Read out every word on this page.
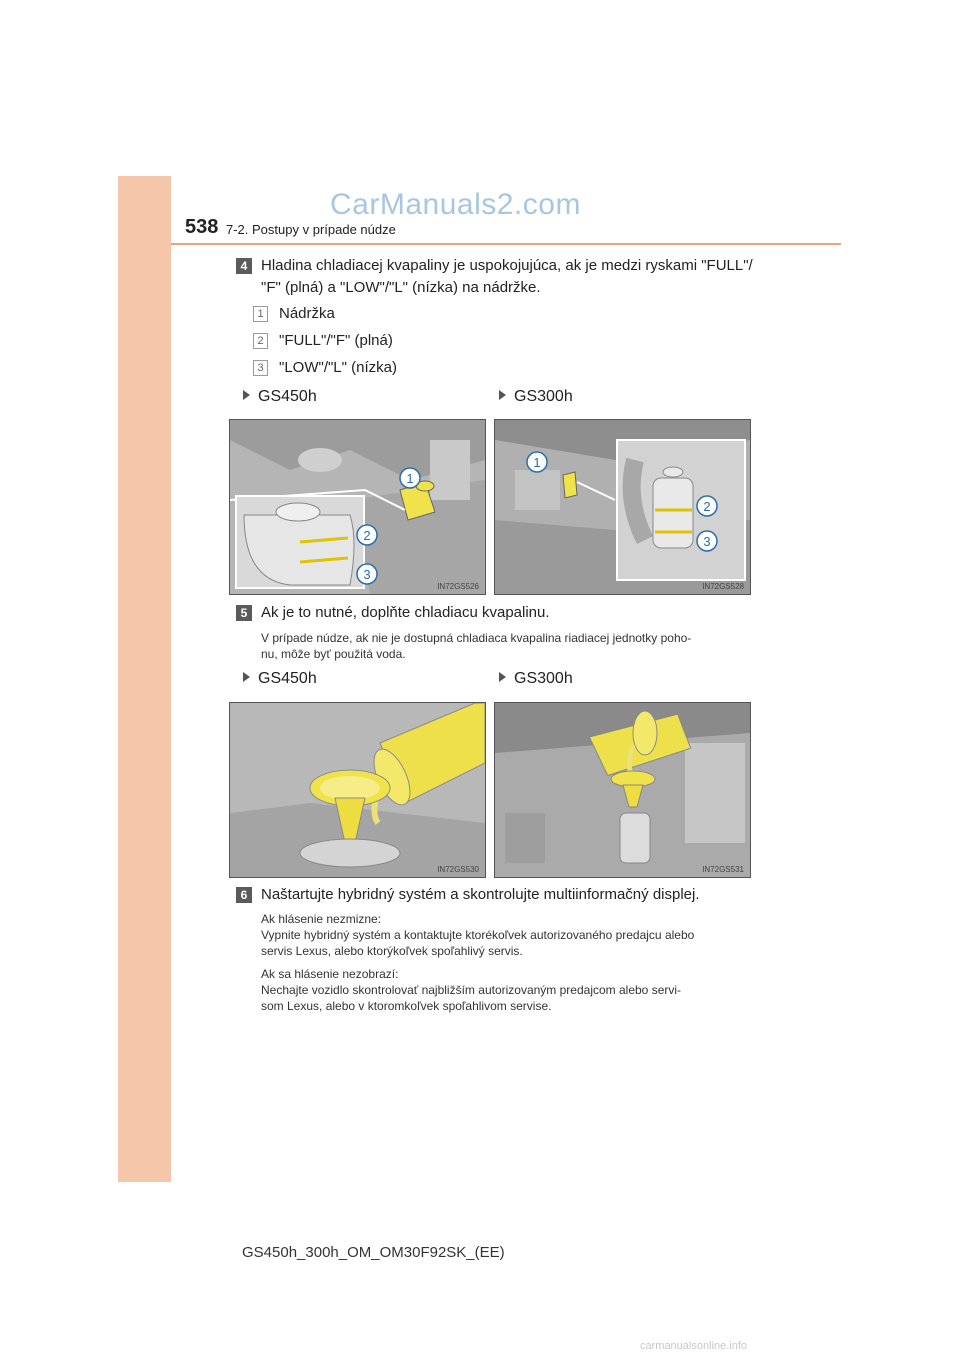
538 7-2. Postupy v prípade núdze
CarManuals2.com
4 Hladina chladiacej kvapaliny je uspokojujúca, ak je medzi ryskami "FULL"/
"F" (plná) a "LOW"/"L" (nízka) na nádržke.
1 Nádržka
2 "FULL"/"F" (plná)
3 "LOW"/"L" (nízka)
GS450h	GS300h
1
2
3
IN72GS526
1
2
3
IN72GS528
5 Ak je to nutné, doplňte chladiacu kvapalinu.
V prípade núdze, ak nie je dostupná chladiaca kvapalina riadiacej jednotky poho-
nu, môže byť použitá voda.
GS450h	GS300h
IN72GS530	IN72GS531
6 Naštartujte hybridný systém a skontrolujte multiinformačný displej.
Ak hlásenie nezmizne:
Vypnite hybridný systém a kontaktujte ktorékoľvek autorizovaného predajcu alebo
servis Lexus, alebo ktorýkoľvek spoľahlivý servis.
Ak sa hlásenie nezobrazí:
Nechajte vozidlo skontrolovať najbližším autorizovaným predajcom alebo servi-
som Lexus, alebo v ktoromkoľvek spoľahlivom servise.
GS450h_300h_OM_OM30F92SK_(EE)
carmanualsonline.info
